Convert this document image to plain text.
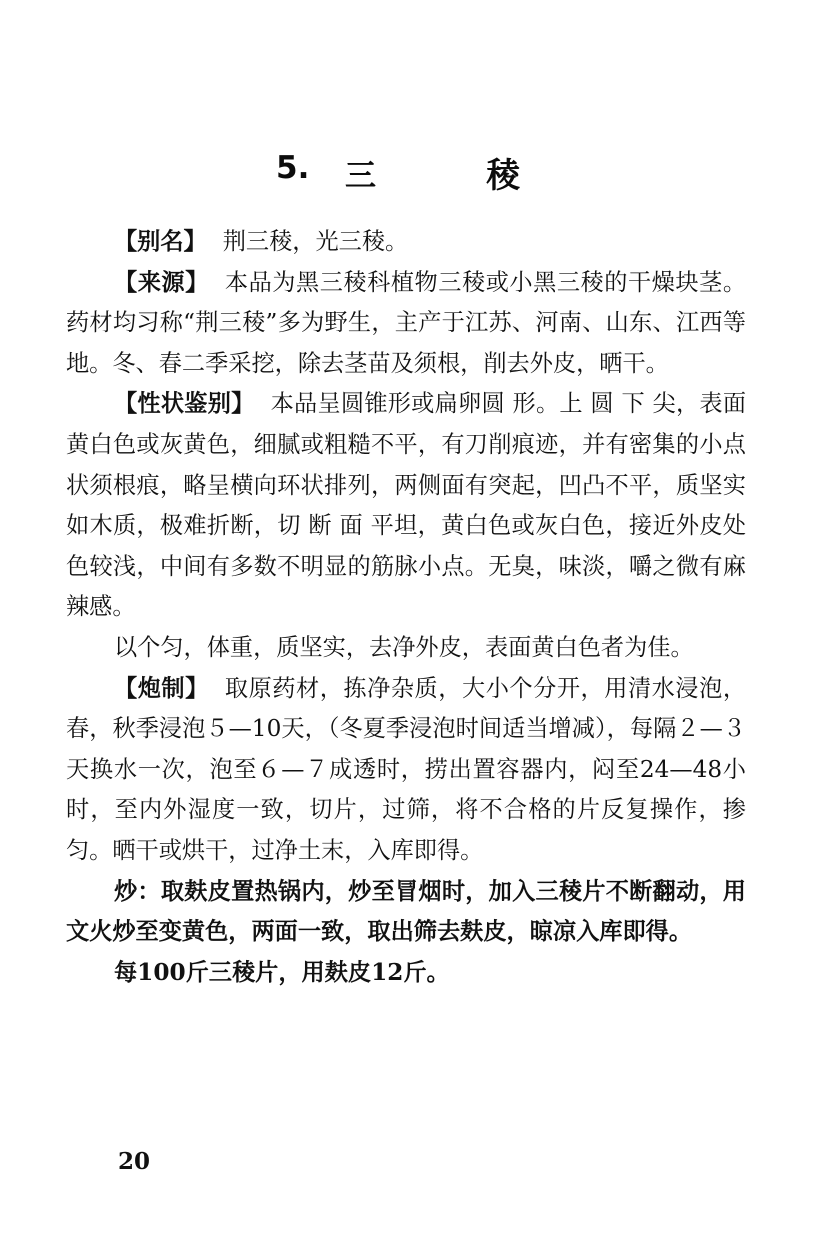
5. 三	稜

【别名】 荆三稜，光三稜。

【来源】 本品为黑三稜科植物三稜或小黑三稜的干燥块茎。药材均习称“荆三稜”多为野生，主产于江苏、河南、山东、江西等地。冬、春二季采挖，除去茎苗及须根，削去外皮，晒干。

【性状鉴别】 本品呈圆锥形或扁卵圆 形。上 圆 下 尖，表面黄白色或灰黄色，细腻或粗糙不平，有刀削痕迹，并有密集的小点状须根痕，略呈横向环状排列，两侧面有突起，凹凸不平，质坚实如木质，极难折断，切 断 面 平坦，黄白色或灰白色，接近外皮处色较浅，中间有多数不明显的筋脉小点。无臭，味淡，嚼之微有麻辣感。

以个匀，体重，质坚实，去净外皮，表面黄白色者为佳。

【炮制】 取原药材，拣净杂质，大小个分开，用清水浸泡，春，秋季浸泡５—10天，（冬夏季浸泡时间适当增减），每隔２—３天换水一次，泡至６—７成透时，捞出置容器内，闷至24—48小时，至内外湿度一致，切片，过筛，将不合格的片反复操作，掺匀。晒干或烘干，过净土末，入库即得。

炒：取麸皮置热锅内，炒至冒烟时，加入三稜片不断翻动，用文火炒至变黄色，两面一致，取出筛去麸皮，晾凉入库即得。

每100斤三稜片，用麸皮12斤。

20
